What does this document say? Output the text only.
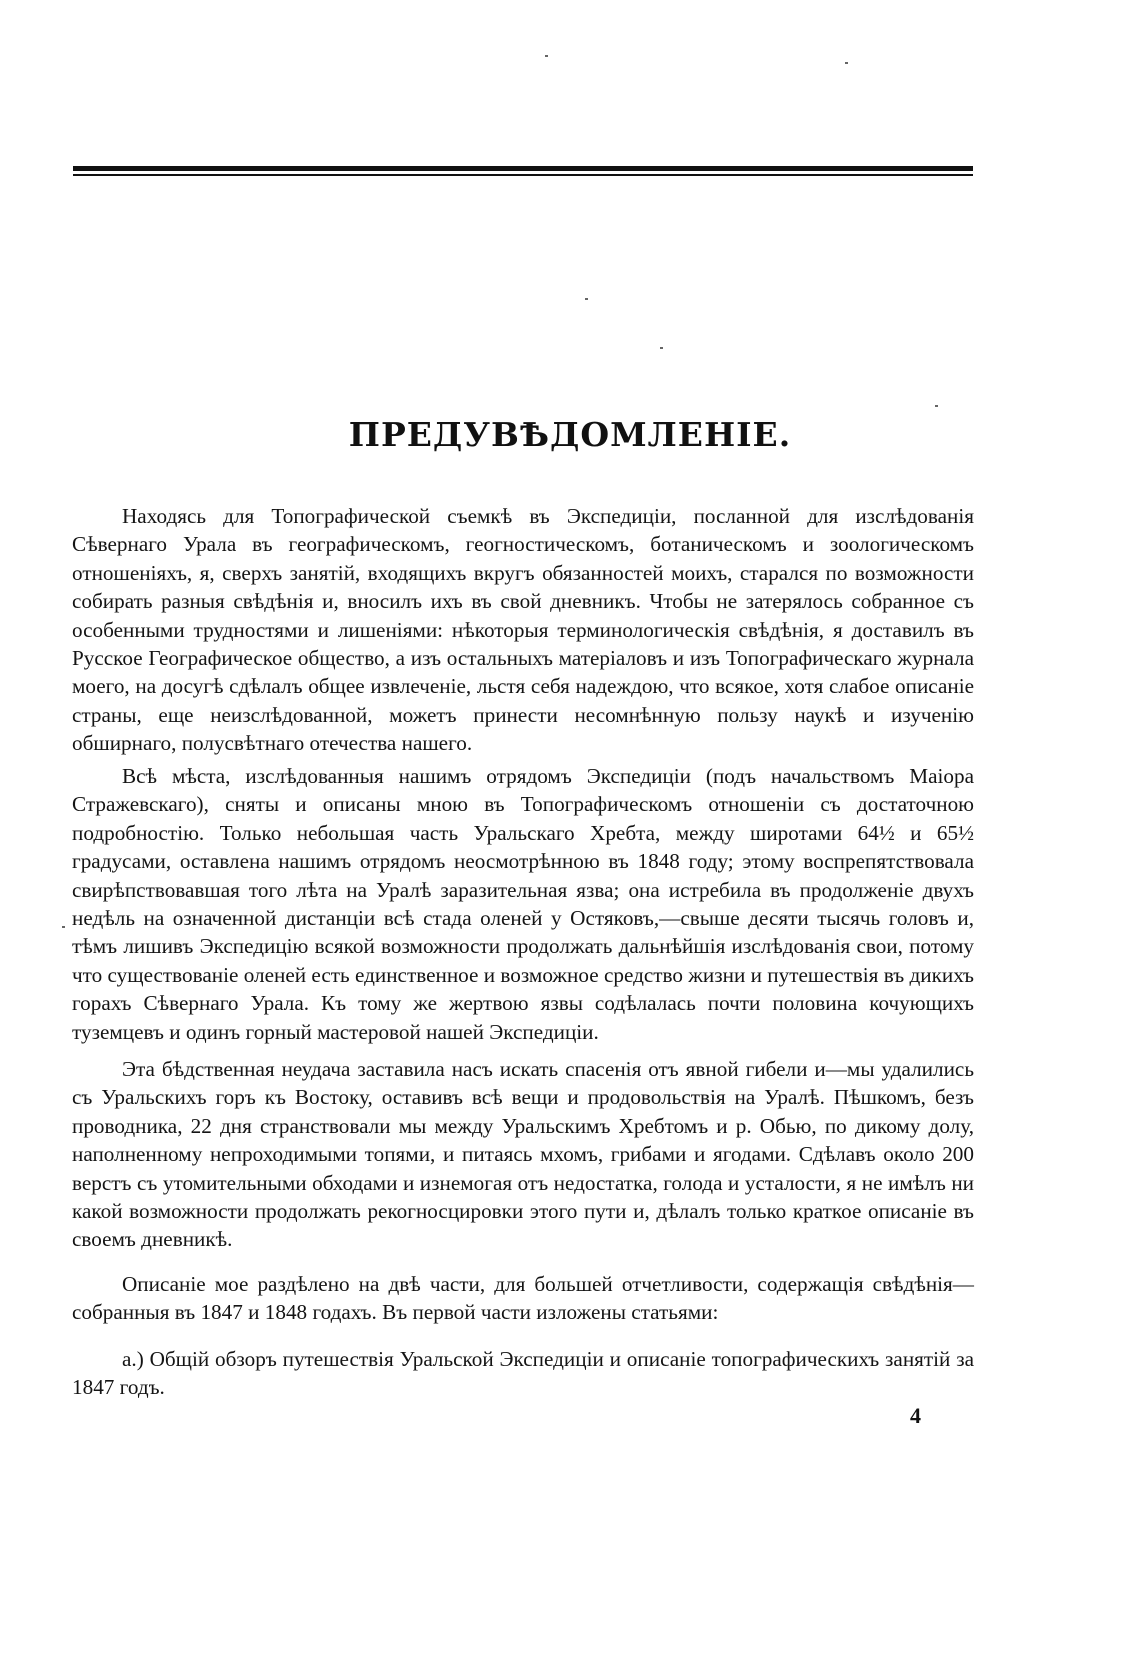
ПРЕДУВѢДОМЛЕНІЕ.

Находясь для Топографической съемкѣ въ Экспедиціи, посланной для изслѣдованія Сѣвернаго Урала въ географическомъ, геогностическомъ, ботаническомъ и зоологическомъ отношеніяхъ, я, сверхъ занятій, входящихъ вкругъ обязанностей моихъ, старался по возможности собирать разныя свѣдѣнія и, вносилъ ихъ въ свой дневникъ. Чтобы не затерялось собранное съ особенными трудностями и лишеніями: нѣкоторыя терминологическія свѣдѣнія, я доставилъ въ Русское Географическое общество, а изъ остальныхъ матеріаловъ и изъ Топографическаго журнала моего, на досугѣ сдѣлалъ общее извлеченіе, льстя себя надеждою, что всякое, хотя слабое описаніе страны, еще неизслѣдованной, можетъ принести несомнѣнную пользу наукѣ и изученію обширнаго, полусвѣтнаго отечества нашего.

Всѣ мѣста, изслѣдованныя нашимъ отрядомъ Экспедиціи (подъ начальствомъ Маіора Стражевскаго), сняты и описаны мною въ Топографическомъ отношеніи съ достаточною подробностію. Только небольшая часть Уральскаго Хребта, между широтами 64½ и 65½ градусами, оставлена нашимъ отрядомъ неосмотрѣнною въ 1848 году; этому воспрепятствовала свирѣпствовавшая того лѣта на Уралѣ заразительная язва; она истребила въ продолженіе двухъ недѣль на означенной дистанціи всѣ стада оленей у Остяковъ,—свыше десяти тысячь головъ и, тѣмъ лишивъ Экспедицію всякой возможности продолжать дальнѣйшія изслѣдованія свои, потому что существованіе оленей есть единственное и возможное средство жизни и путешествія въ дикихъ горахъ Сѣвернаго Урала. Къ тому же жертвою язвы содѣлалась почти половина кочующихъ туземцевъ и одинъ горный мастеровой нашей Экспедиціи.

Эта бѣдственная неудача заставила насъ искать спасенія отъ явной гибели и—мы удалились съ Уральскихъ горъ къ Востоку, оставивъ всѣ вещи и продовольствія на Уралѣ. Пѣшкомъ, безъ проводника, 22 дня странствовали мы между Уральскимъ Хребтомъ и р. Обью, по дикому долу, наполненному непроходимыми топями, и питаясь мхомъ, грибами и ягодами. Сдѣлавъ около 200 верстъ съ утомительными обходами и изнемогая отъ недостатка, голода и усталости, я не имѣлъ ни какой возможности продолжать рекогносцировки этого пути и, дѣлалъ только краткое описаніе въ своемъ дневникѣ.

Описаніе мое раздѣлено на двѣ части, для большей отчетливости, содержащія свѣдѣнія— собранныя въ 1847 и 1848 годахъ. Въ первой части изложены статьями:

а.) Общій обзоръ путешествія Уральской Экспедиціи и описаніе топографическихъ занятій за 1847 годъ.

4
